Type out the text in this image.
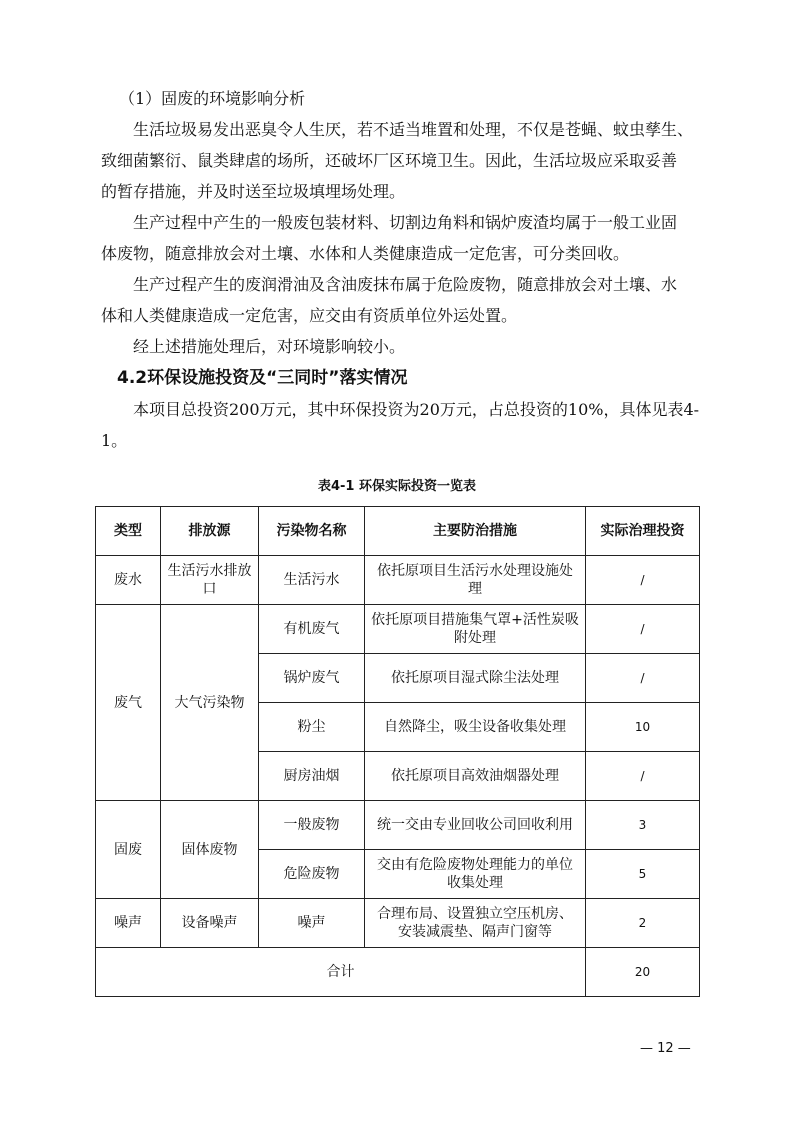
（1）固废的环境影响分析
生活垃圾易发出恶臭令人生厌，若不适当堆置和处理，不仅是苍蝇、蚊虫孳生、
致细菌繁衍、鼠类肆虐的场所，还破坏厂区环境卫生。因此，生活垃圾应采取妥善
的暂存措施，并及时送至垃圾填埋场处理。
生产过程中产生的一般废包装材料、切割边角料和锅炉废渣均属于一般工业固
体废物，随意排放会对土壤、水体和人类健康造成一定危害，可分类回收。
生产过程产生的废润滑油及含油废抹布属于危险废物，随意排放会对土壤、水
体和人类健康造成一定危害，应交由有资质单位外运处置。
经上述措施处理后，对环境影响较小。
4.2环保设施投资及“三同时”落实情况
本项目总投资200万元，其中环保投资为20万元，占总投资的10%，具体见表4-
1。
表4-1 环保实际投资一览表
类型	排放源	污染物名称	主要防治措施	实际治理投资
废水	生活污水排放口	生活污水	依托原项目生活污水处理设施处理	/
废气	大气污染物	有机废气	依托原项目措施集气罩+活性炭吸附处理	/
		锅炉废气	依托原项目湿式除尘法处理	/
		粉尘	自然降尘，吸尘设备收集处理	10
		厨房油烟	依托原项目高效油烟器处理	/
固废	固体废物	一般废物	统一交由专业回收公司回收利用	3
		危险废物	交由有危险废物处理能力的单位收集处理	5
噪声	设备噪声	噪声	合理布局、设置独立空压机房、安装减震垫、隔声门窗等	2
合计				20
— 12 —
